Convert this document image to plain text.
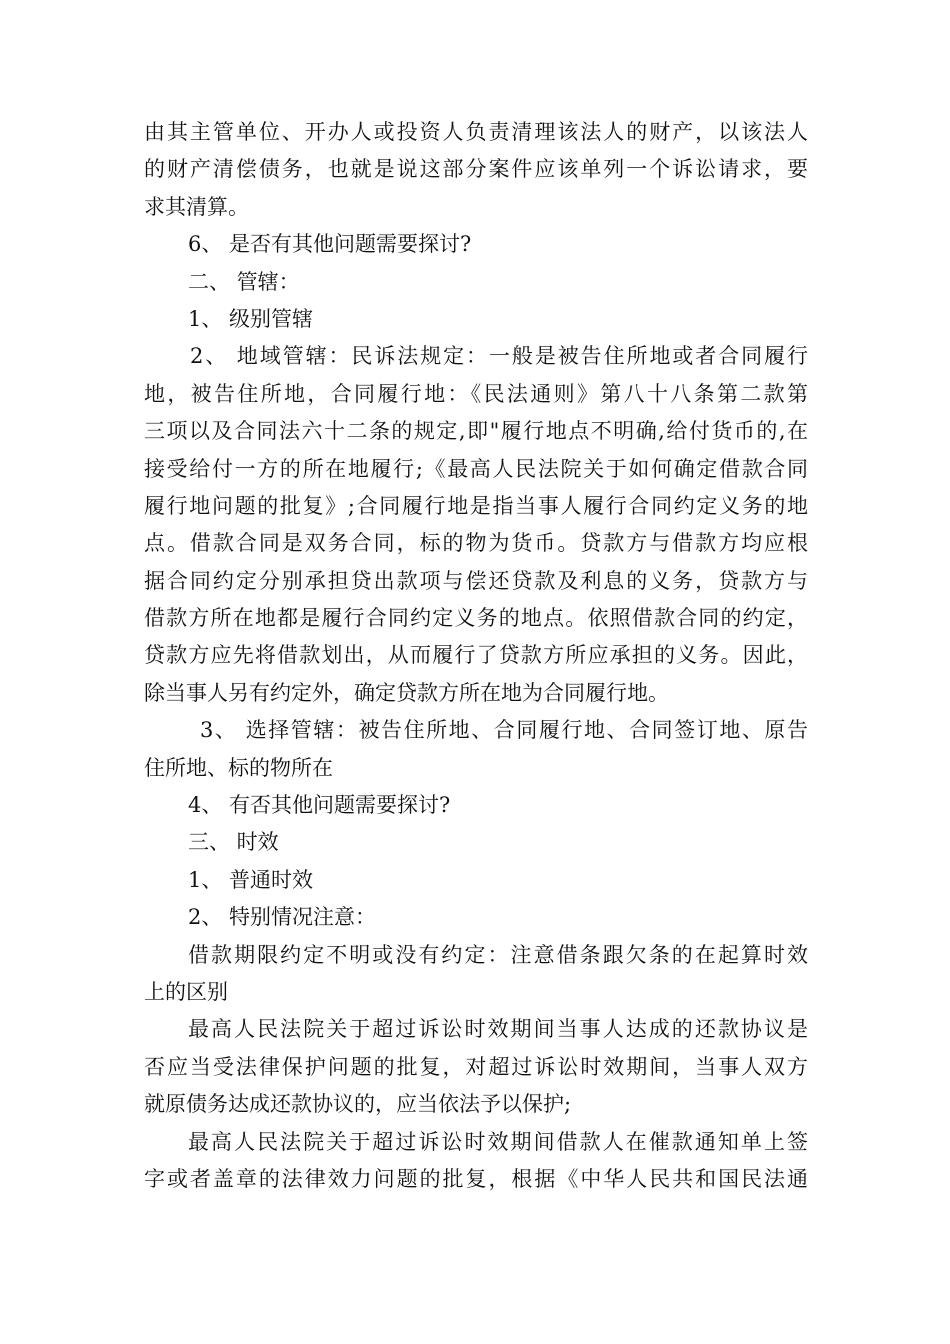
由其主管单位、开办人或投资人负责清理该法人的财产，以该法人
的财产清偿债务，也就是说这部分案件应该单列一个诉讼请求，要
求其清算。
6、 是否有其他问题需要探讨?
二、 管辖：
1、 级别管辖
2、 地域管辖：民诉法规定：一般是被告住所地或者合同履行
地，被告住所地，合同履行地：《民法通则》第八十八条第二款第
三项以及合同法六十二条的规定,即"履行地点不明确,给付货币的,在
接受给付一方的所在地履行;《最高人民法院关于如何确定借款合同
履行地问题的批复》;合同履行地是指当事人履行合同约定义务的地
点。借款合同是双务合同，标的物为货币。贷款方与借款方均应根
据合同约定分别承担贷出款项与偿还贷款及利息的义务，贷款方与
借款方所在地都是履行合同约定义务的地点。依照借款合同的约定，
贷款方应先将借款划出，从而履行了贷款方所应承担的义务。因此，
除当事人另有约定外，确定贷款方所在地为合同履行地。
3、 选择管辖：被告住所地、合同履行地、合同签订地、原告
住所地、标的物所在
4、 有否其他问题需要探讨?
三、 时效
1、 普通时效
2、 特别情况注意：
借款期限约定不明或没有约定：注意借条跟欠条的在起算时效
上的区别
最高人民法院关于超过诉讼时效期间当事人达成的还款协议是
否应当受法律保护问题的批复，对超过诉讼时效期间，当事人双方
就原债务达成还款协议的，应当依法予以保护;
最高人民法院关于超过诉讼时效期间借款人在催款通知单上签
字或者盖章的法律效力问题的批复，根据《中华人民共和国民法通
